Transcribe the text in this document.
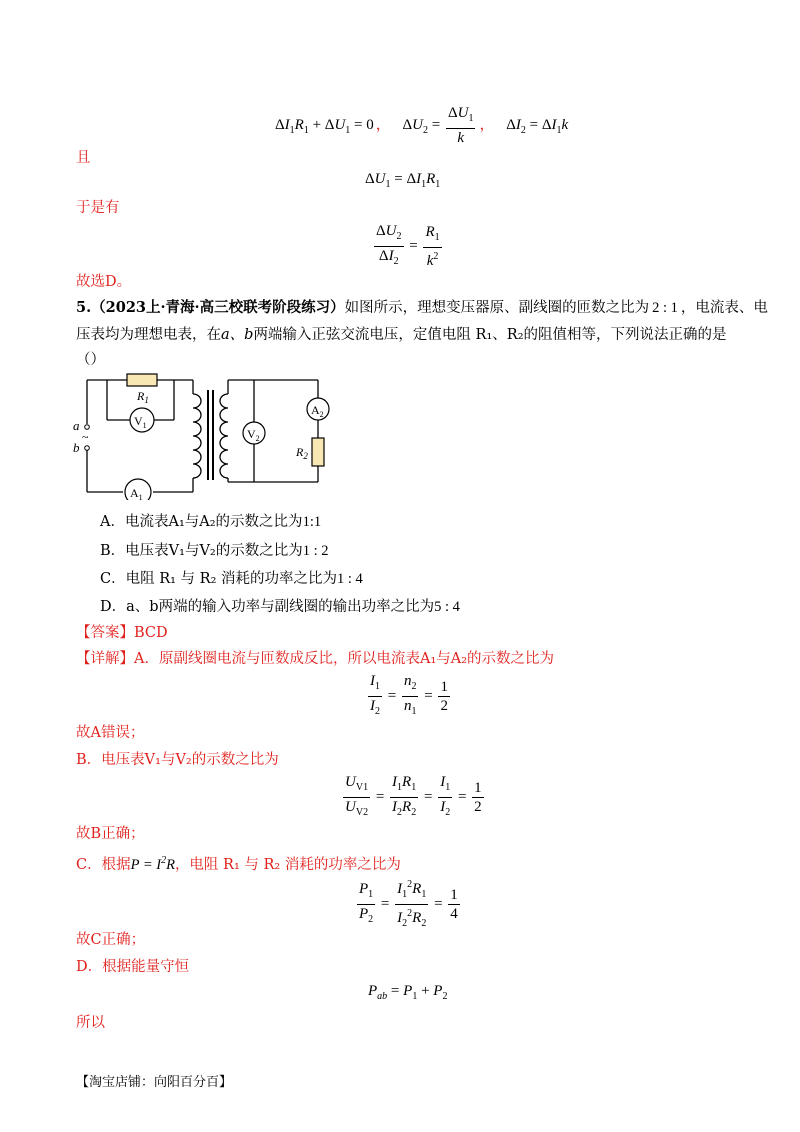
$\Delta I_1R_1 + \Delta U_1 = 0$ ， $\Delta U_2 = \frac{\Delta U_1}{k}$ ， $\Delta I_2 = \Delta I_1k$
且
$\Delta U_1 = \Delta I_1R_1$
于是有
$\frac{\Delta U_2}{\Delta I_2} = \frac{R_1}{k^2}$
故选D。
5.（2023上·青海·高三校联考阶段练习）如图所示，理想变压器原、副线圈的匝数之比为 2 : 1 ，电流表、电
压表均为理想电表，在a、b两端输入正弦交流电压，定值电阻 R₁、R₂的阻值相等，下列说法正确的是
（）
$R_1$
$V_1$
$A_1$
$V_2$
$A_2$
$R_2$
a
~
b
A．电流表A₁与A₂的示数之比为1:1
B．电压表V₁与V₂的示数之比为1 : 2
C．电阻 R₁ 与 R₂ 消耗的功率之比为1 : 4
D．a、b两端的输入功率与副线圈的输出功率之比为5 : 4
【答案】BCD
【详解】A．原副线圈电流与匝数成反比，所以电流表A₁与A₂的示数之比为
$\frac{I_1}{I_2} = \frac{n_2}{n_1} = \frac{1}{2}$
故A错误；
B．电压表V₁与V₂的示数之比为
$\frac{U_{V1}}{U_{V2}} = \frac{I_1R_1}{I_2R_2} = \frac{I_1}{I_2} = \frac{1}{2}$
故B正确；
C．根据$P = I^2R$，电阻 R₁ 与 R₂ 消耗的功率之比为
$\frac{P_1}{P_2} = \frac{I_1^2R_1}{I_2^2R_2} = \frac{1}{4}$
故C正确；
D．根据能量守恒
$P_{ab} = P_1 + P_2$
所以
【淘宝店铺：向阳百分百】
